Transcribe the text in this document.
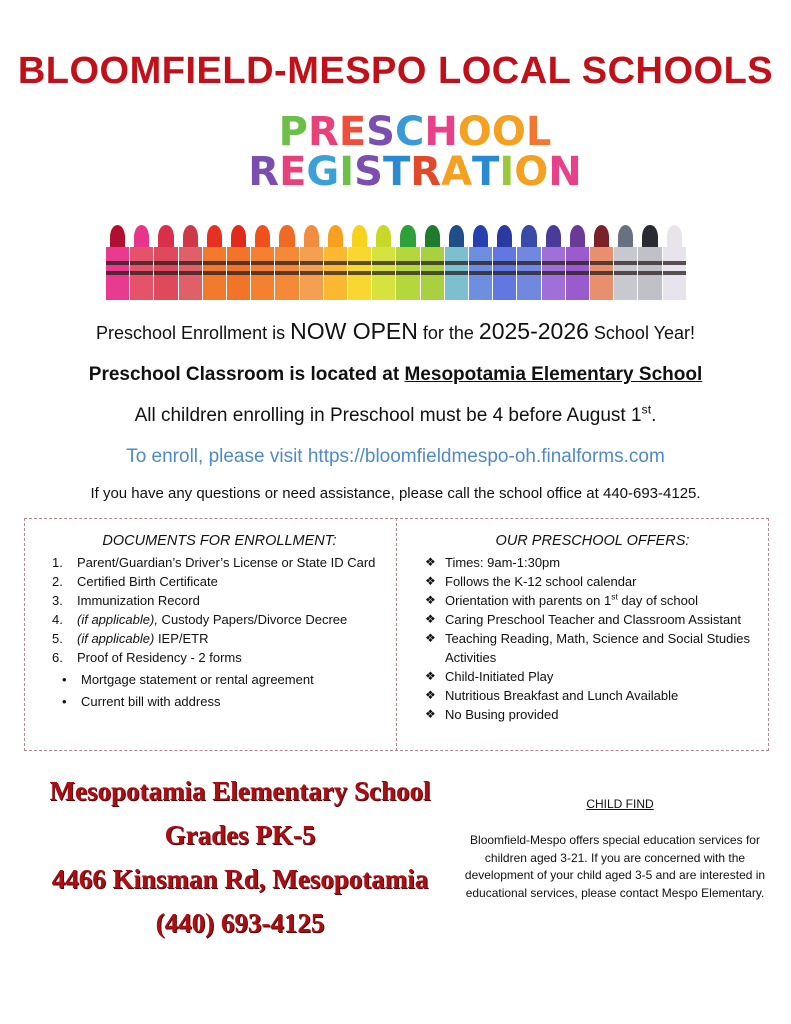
BLOOMFIELD-MESPO LOCAL SCHOOLS
P R E S C H O O L
R E G I S T R A T I O N
Preschool Enrollment is NOW OPEN for the 2025-2026 School Year!
Preschool Classroom is located at Mesopotamia Elementary School
All children enrolling in Preschool must be 4 before August 1st.
To enroll, please visit https://bloomfieldmespo-oh.finalforms.com
If you have any questions or need assistance, please call the school office at 440-693-4125.
DOCUMENTS FOR ENROLLMENT:
1.	Parent/Guardian’s Driver’s License or State ID Card
2.	Certified Birth Certificate
3.	Immunization Record
4.	(if applicable), Custody Papers/Divorce Decree
5.	(if applicable) IEP/ETR
6.	Proof of Residency - 2 forms
•	Mortgage statement or rental agreement
•	Current bill with address
OUR PRESCHOOL OFFERS:
❖ Times: 9am-1:30pm
❖ Follows the K-12 school calendar
❖ Orientation with parents on 1st day of school
❖ Caring Preschool Teacher and Classroom Assistant
❖ Teaching Reading, Math, Science and Social Studies Activities
❖ Child-Initiated Play
❖ Nutritious Breakfast and Lunch Available
❖ No Busing provided
Mesopotamia Elementary School
Grades PK-5
4466 Kinsman Rd, Mesopotamia
(440) 693-4125
CHILD FIND
Bloomfield-Mespo offers special education services for children aged 3-21. If you are concerned with the development of your child aged 3-5 and are interested in educational services, please contact Mespo Elementary.
